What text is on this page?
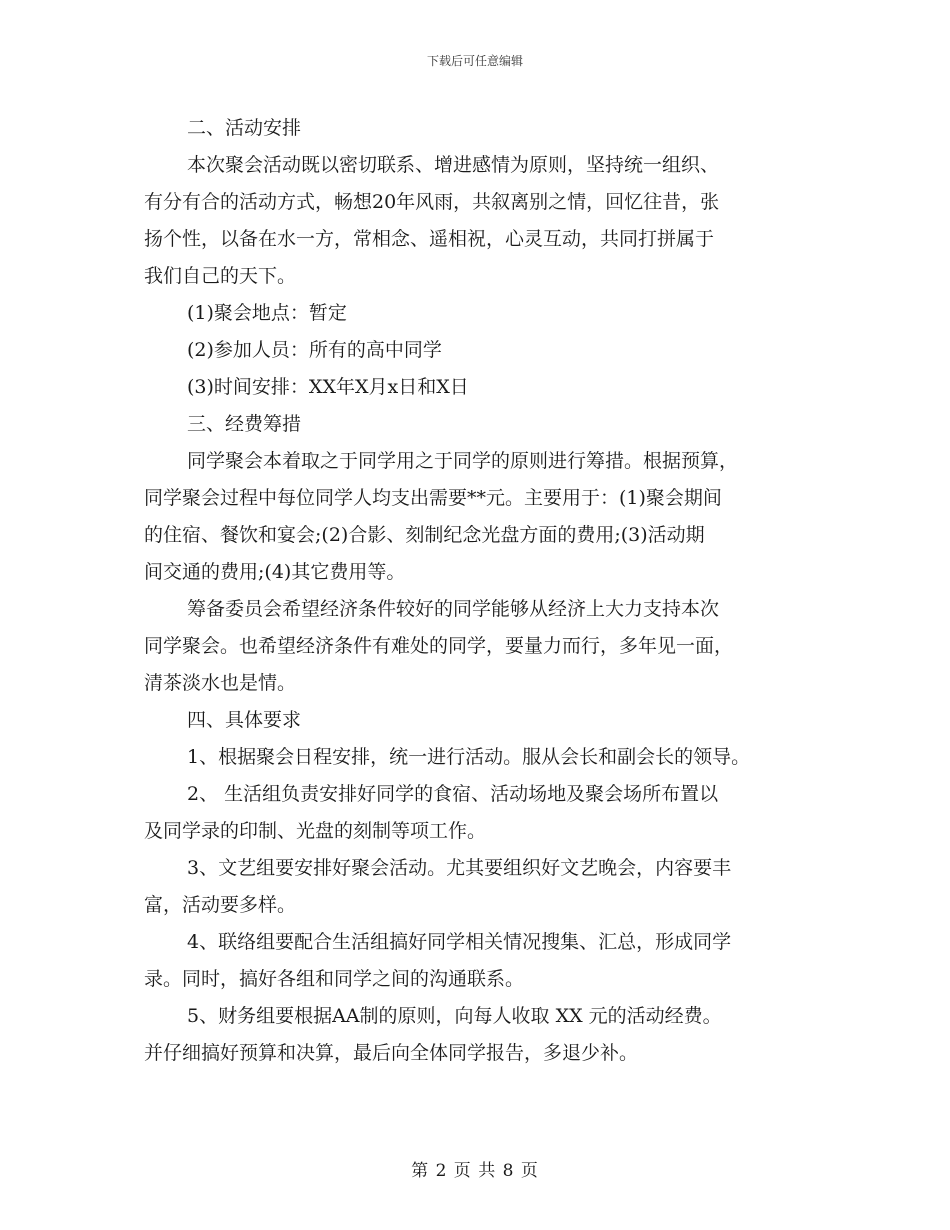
下载后可任意编辑
二、活动安排
本次聚会活动既以密切联系、增进感情为原则，坚持统一组织、
有分有合的活动方式，畅想20年风雨，共叙离别之情，回忆往昔，张
扬个性，以备在水一方，常相念、遥相祝，心灵互动，共同打拼属于
我们自己的天下。
(1)聚会地点：暂定
(2)参加人员：所有的高中同学
(3)时间安排：XX年X月x日和X日
三、经费筹措
同学聚会本着取之于同学用之于同学的原则进行筹措。根据预算，
同学聚会过程中每位同学人均支出需要**元。主要用于：(1)聚会期间
的住宿、餐饮和宴会;(2)合影、刻制纪念光盘方面的费用;(3)活动期
间交通的费用;(4)其它费用等。
筹备委员会希望经济条件较好的同学能够从经济上大力支持本次
同学聚会。也希望经济条件有难处的同学，要量力而行，多年见一面，
清茶淡水也是情。
四、具体要求
1、根据聚会日程安排，统一进行活动。服从会长和副会长的领导。
2、 生活组负责安排好同学的食宿、活动场地及聚会场所布置以
及同学录的印制、光盘的刻制等项工作。
3、文艺组要安排好聚会活动。尤其要组织好文艺晚会，内容要丰
富，活动要多样。
4、联络组要配合生活组搞好同学相关情况搜集、汇总，形成同学
录。同时，搞好各组和同学之间的沟通联系。
5、财务组要根据AA制的原则，向每人收取 XX 元的活动经费。
并仔细搞好预算和决算，最后向全体同学报告，多退少补。
第 2 页 共 8 页
